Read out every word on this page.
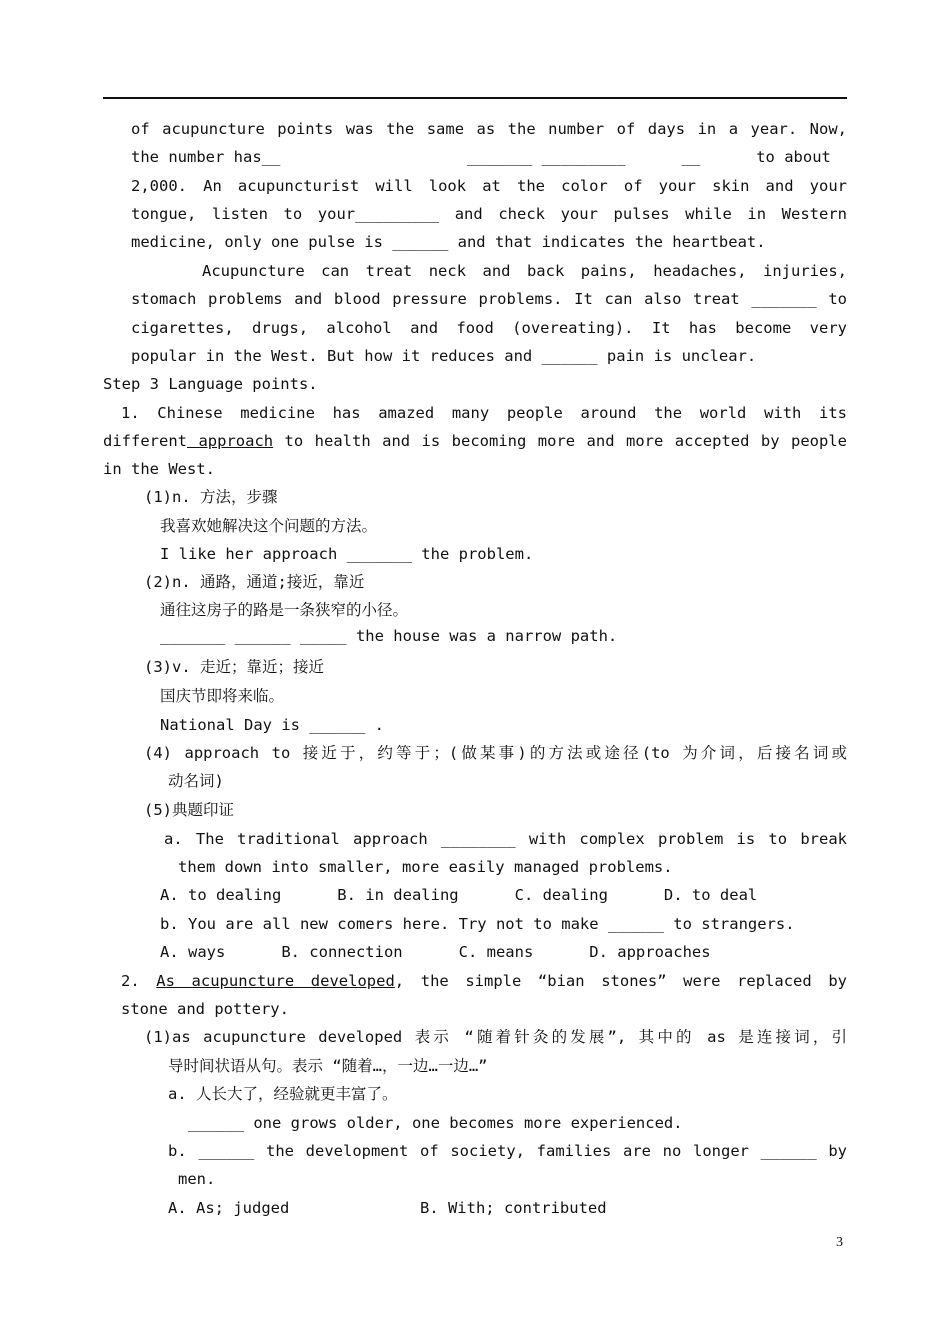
of acupuncture points was the same as the number of days in a year. Now,
the number has__                    _______ _________      __      to about
2,000. An acupuncturist will look at the color of your skin and your
tongue, listen to your_________ and check your pulses while in Western
medicine, only one pulse is ______ and that indicates the heartbeat.
Acupuncture can treat neck and back pains, headaches, injuries,
stomach problems and blood pressure problems. It can also treat _______ to
cigarettes, drugs, alcohol and food (overeating). It has become very
popular in the West. But how it reduces and ______ pain is unclear.
Step 3 Language points.
1. Chinese medicine has amazed many people around the world with its
different approach to health and is becoming more and more accepted by people
in the West.
(1)n. 方法，步骤
我喜欢她解决这个问题的方法。
I like her approach _______ the problem.
(2)n. 通路，通道;接近，靠近
通往这房子的路是一条狭窄的小径。
_______ ______ _____ the house was a narrow path.
(3)v. 走近；靠近；接近
国庆节即将来临。
National Day is ______ .
(4) approach to 接近于，约等于；(做某事)的方法或途径(to 为介词，后接名词或
动名词)
(5)典题印证
a. The traditional approach ________ with complex problem is to break
them down into smaller, more easily managed problems.
A. to dealing      B. in dealing      C. dealing      D. to deal
b. You are all new comers here. Try not to make ______ to strangers.
A. ways      B. connection      C. means      D. approaches
2. As acupuncture developed, the simple “bian stones” were replaced by
stone and pottery.
(1)as acupuncture developed 表示 “随着针灸的发展”, 其中的 as 是连接词，引
导时间状语从句。表示 “随着…，一边…一边…”
a. 人长大了，经验就更丰富了。
______ one grows older, one becomes more experienced.
b. ______ the development of society, families are no longer ______ by
men.
A. As; judged              B. With; contributed
3
